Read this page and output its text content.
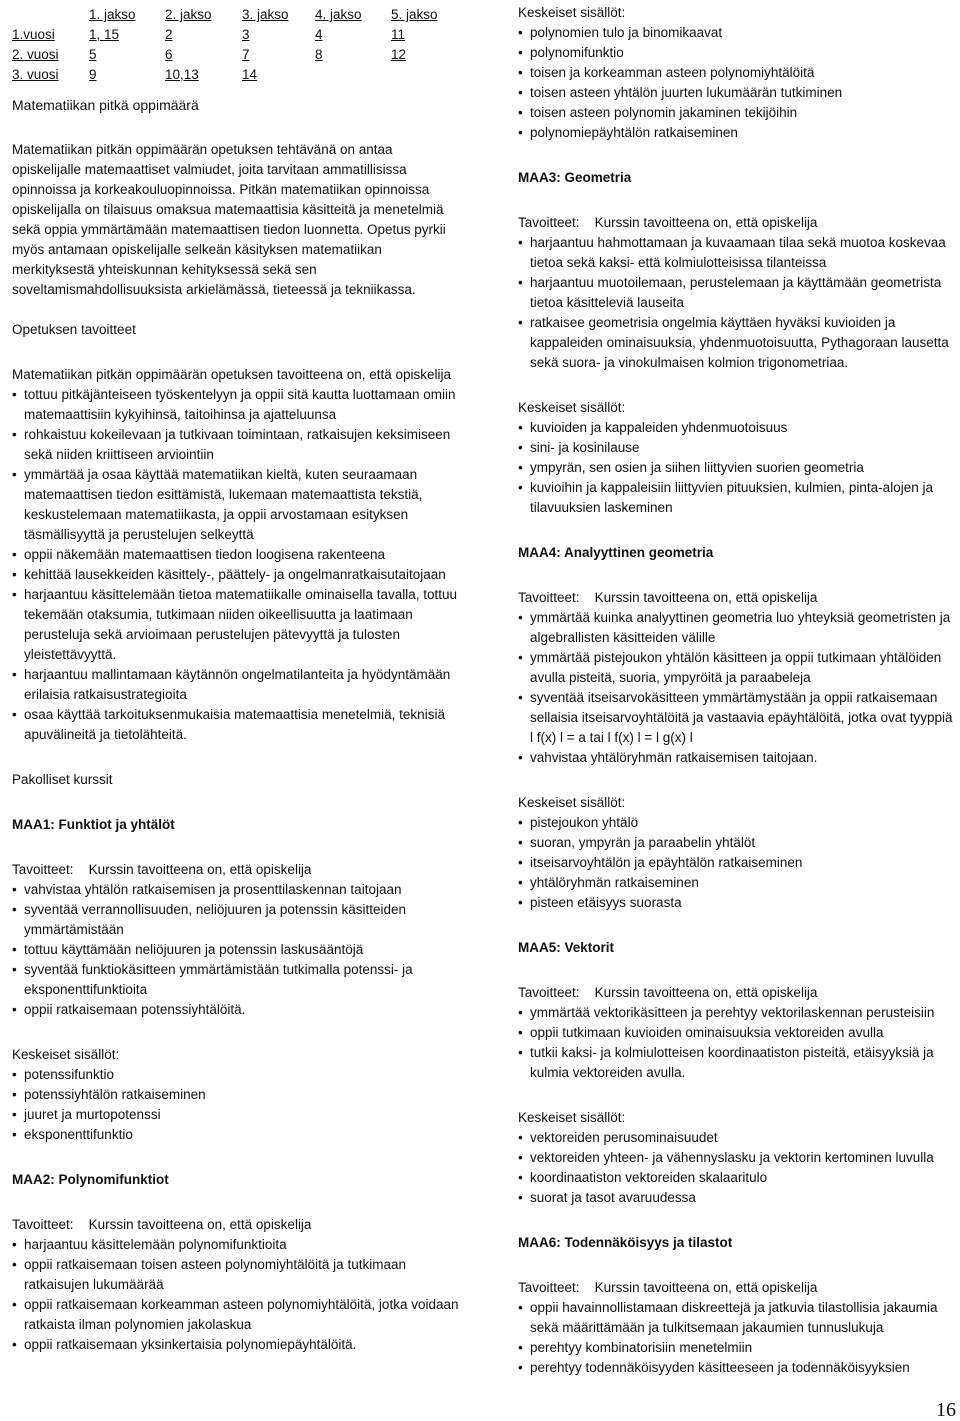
	1. jakso	2. jakso	3. jakso	4. jakso	5. jakso
1.vuosi	1, 15	2	3	4	11
2. vuosi	5	6	7	8	12
3. vuosi	9	10,13	14		

Matematiikan pitkä oppimäärä

Matematiikan pitkän oppimäärän opetuksen tehtävänä on antaa opiskelijalle matemaattiset valmiudet, joita tarvitaan ammatillisissa opinnoissa ja korkeakouluopinnoissa. Pitkän matematiikan opinnoissa opiskelijalla on tilaisuus omaksua matemaattisia käsitteitä ja menetelmiä sekä oppia ymmärtämään matemaattisen tiedon luonnetta. Opetus pyrkii myös antamaan opiskelijalle selkeän käsityksen matematiikan merkityksestä yhteiskunnan kehityksessä sekä sen soveltamismahdollisuuksista arkielämässä, tieteessä ja tekniikassa.

Opetuksen tavoitteet

Matematiikan pitkän oppimäärän opetuksen tavoitteena on, että opiskelija

• tottuu pitkäjänteiseen työskentelyyn ja oppii sitä kautta luottamaan omiin matemaattisiin kykyihinsä, taitoihinsa ja ajatteluunsa
• rohkaistuu kokeilevaan ja tutkivaan toimintaan, ratkaisujen keksimiseen sekä niiden kriittiseen arviointiin
• ymmärtää ja osaa käyttää matematiikan kieltä, kuten seuraamaan matemaattisen tiedon esittämistä, lukemaan matemaattista tekstiä, keskustelemaan matematiikasta, ja oppii arvostamaan esityksen täsmällisyyttä ja perustelujen selkeyttä
• oppii näkemään matemaattisen tiedon loogisena rakenteena
• kehittää lausekkeiden käsittely-, päättely- ja ongelmanratkaisutaitojaan
• harjaantuu käsittelemään tietoa matematiikalle ominaisella tavalla, tottuu tekemään otaksumia, tutkimaan niiden oikeellisuutta ja laatimaan perusteluja sekä arvioimaan perustelujen pätevyyttä ja tulosten yleistettävyyttä.
• harjaantuu mallintamaan käytännön ongelmatilanteita ja hyödyntämään erilaisia ratkaisustrategioita
• osaa käyttää tarkoituksenmukaisia matemaattisia menetelmiä, teknisiä apuvälineitä ja tietolähteitä.

Pakolliset kurssit

MAA1: Funktiot ja yhtälöt

Tavoitteet: Kurssin tavoitteena on, että opiskelija

• vahvistaa yhtälön ratkaisemisen ja prosenttilaskennan taitojaan
• syventää verrannollisuuden, neliöjuuren ja potenssin käsitteiden ymmärtämistään
• tottuu käyttämään neliöjuuren ja potenssin laskusääntöjä
• syventää funktiokäsitteen ymmärtämistään tutkimalla potenssi- ja eksponenttifunktioita
• oppii ratkaisemaan potenssiyhtälöitä.

Keskeiset sisällöt:

• potenssifunktio
• potenssiyhtälön ratkaiseminen
• juuret ja murtopotenssi
• eksponenttifunktio

MAA2: Polynomifunktiot

Tavoitteet: Kurssin tavoitteena on, että opiskelija

• harjaantuu käsittelemään polynomifunktioita
• oppii ratkaisemaan toisen asteen polynomiyhtälöitä ja tutkimaan ratkaisujen lukumäärää
• oppii ratkaisemaan korkeamman asteen polynomiyhtälöitä, jotka voidaan ratkaista ilman polynomien jakolaskua
• oppii ratkaisemaan yksinkertaisia polynomiepäyhtälöitä.

Keskeiset sisällöt:

• polynomien tulo ja binomikaavat
• polynomifunktio
• toisen ja korkeamman asteen polynomiyhtälöitä
• toisen asteen yhtälön juurten lukumäärän tutkiminen
• toisen asteen polynomin jakaminen tekijöihin
• polynomiepäyhtälön ratkaiseminen

MAA3: Geometria

Tavoitteet: Kurssin tavoitteena on, että opiskelija

• harjaantuu hahmottamaan ja kuvaamaan tilaa sekä muotoa koskevaa tietoa sekä kaksi- että kolmiulotteisissa tilanteissa
• harjaantuu muotoilemaan, perustelemaan ja käyttämään geometrista tietoa käsitteleviä lauseita
• ratkaisee geometrisia ongelmia käyttäen hyväksi kuvioiden ja kappaleiden ominaisuuksia, yhdenmuotoisuutta, Pythagoraan lausetta sekä suora- ja vinokulmaisen kolmion trigonometriaa.

Keskeiset sisällöt:

• kuvioiden ja kappaleiden yhdenmuotoisuus
• sini- ja kosinilause
• ympyrän, sen osien ja siihen liittyvien suorien geometria
• kuvioihin ja kappaleisiin liittyvien pituuksien, kulmien, pinta-alojen ja tilavuuksien laskeminen

MAA4: Analyyttinen geometria

Tavoitteet: Kurssin tavoitteena on, että opiskelija

• ymmärtää kuinka analyyttinen geometria luo yhteyksiä geometristen ja algebrallisten käsitteiden välille
• ymmärtää pistejoukon yhtälön käsitteen ja oppii tutkimaan yhtälöiden avulla pisteitä, suoria, ympyröitä ja paraabeleja
• syventää itseisarvokäsitteen ymmärtämystään ja oppii ratkaisemaan sellaisia itseisarvoyhtälöitä ja vastaavia epäyhtälöitä, jotka ovat tyyppiä l f(x) l = a tai l f(x) l = l g(x) l
• vahvistaa yhtälöryhmän ratkaisemisen taitojaan.

Keskeiset sisällöt:

• pistejoukon yhtälö
• suoran, ympyrän ja paraabelin yhtälöt
• itseisarvoyhtälön ja epäyhtälön ratkaiseminen
• yhtälöryhmän ratkaiseminen
• pisteen etäisyys suorasta

MAA5: Vektorit

Tavoitteet: Kurssin tavoitteena on, että opiskelija

• ymmärtää vektorikäsitteen ja perehtyy vektorilaskennan perusteisiin
• oppii tutkimaan kuvioiden ominaisuuksia vektoreiden avulla
• tutkii kaksi- ja kolmiulotteisen koordinaatiston pisteitä, etäisyyksiä ja kulmia vektoreiden avulla.

Keskeiset sisällöt:

• vektoreiden perusominaisuudet
• vektoreiden yhteen- ja vähennyslasku ja vektorin kertominen luvulla
• koordinaatiston vektoreiden skalaaritulo
• suorat ja tasot avaruudessa

MAA6: Todennäköisyys ja tilastot

Tavoitteet: Kurssin tavoitteena on, että opiskelija

• oppii havainnollistamaan diskreettejä ja jatkuvia tilastollisia jakaumia sekä määrittämään ja tulkitsemaan jakaumien tunnuslukuja
• perehtyy kombinatorisiin menetelmiin
• perehtyy todennäköisyyden käsitteeseen ja todennäköisyyksien
16
